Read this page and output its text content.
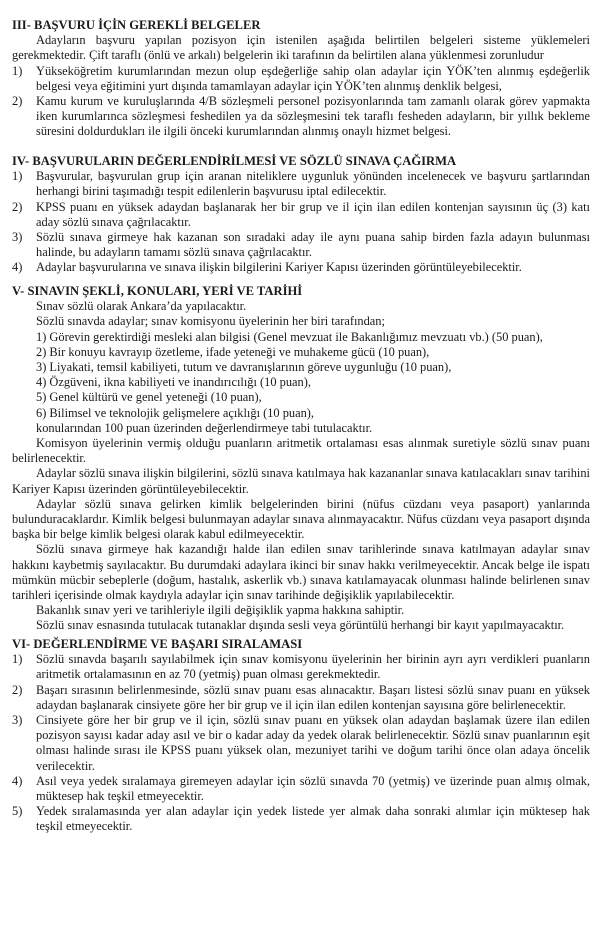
III- BAŞVURU İÇİN GEREKLİ BELGELER

Adayların başvuru yapılan pozisyon için istenilen aşağıda belirtilen belgeleri sisteme yüklemeleri gerekmektedir. Çift taraflı (önlü ve arkalı) belgelerin iki tarafının da belirtilen alana yüklenmesi zorunludur

1) Yükseköğretim kurumlarından mezun olup eşdeğerliğe sahip olan adaylar için YÖK’ten alınmış eşdeğerlik belgesi veya eğitimini yurt dışında tamamlayan adaylar için YÖK’ten alınmış denklik belgesi,
2) Kamu kurum ve kuruluşlarında 4/B sözleşmeli personel pozisyonlarında tam zamanlı olarak görev yapmakta iken kurumlarınca sözleşmesi feshedilen ya da sözleşmesini tek taraflı fesheden adayların, bir yıllık bekleme süresini doldurdukları ile ilgili önceki kurumlarından alınmış onaylı hizmet belgesi.

IV- BAŞVURULARIN DEĞERLENDİRİLMESİ VE SÖZLÜ SINAVA ÇAĞIRMA

1) Başvurular, başvurulan grup için aranan niteliklere uygunluk yönünden incelenecek ve başvuru şartlarından herhangi birini taşımadığı tespit edilenlerin başvurusu iptal edilecektir.
2) KPSS puanı en yüksek adaydan başlanarak her bir grup ve il için ilan edilen kontenjan sayısının üç (3) katı aday sözlü sınava çağrılacaktır.
3) Sözlü sınava girmeye hak kazanan son sıradaki aday ile aynı puana sahip birden fazla adayın bulunması halinde, bu adayların tamamı sözlü sınava çağrılacaktır.
4) Adaylar başvurularına ve sınava ilişkin bilgilerini Kariyer Kapısı üzerinden görüntüleyebilecektir.

V- SINAVIN ŞEKLİ, KONULARI, YERİ VE TARİHİ

Sınav sözlü olarak Ankara’da yapılacaktır.

Sözlü sınavda adaylar; sınav komisyonu üyelerinin her biri tarafından;

1) Görevin gerektirdiği mesleki alan bilgisi (Genel mevzuat ile Bakanlığımız mevzuatı vb.) (50 puan),

2) Bir konuyu kavrayıp özetleme, ifade yeteneği ve muhakeme gücü (10 puan),

3) Liyakati, temsil kabiliyeti, tutum ve davranışlarının göreve uygunluğu (10 puan),

4) Özgüveni, ikna kabiliyeti ve inandırıcılığı (10 puan),

5) Genel kültürü ve genel yeteneği (10 puan),

6) Bilimsel ve teknolojik gelişmelere açıklığı (10 puan),

konularından 100 puan üzerinden değerlendirmeye tabi tutulacaktır.

Komisyon üyelerinin vermiş olduğu puanların aritmetik ortalaması esas alınmak suretiyle sözlü sınav puanı belirlenecektir.

Adaylar sözlü sınava ilişkin bilgilerini, sözlü sınava katılmaya hak kazananlar sınava katılacakları sınav tarihini Kariyer Kapısı üzerinden görüntüleyebilecektir.

Adaylar sözlü sınava gelirken kimlik belgelerinden birini (nüfus cüzdanı veya pasaport) yanlarında bulunduracaklardır. Kimlik belgesi bulunmayan adaylar sınava alınmayacaktır. Nüfus cüzdanı veya pasaport dışında başka bir belge kimlik belgesi olarak kabul edilmeyecektir.

Sözlü sınava girmeye hak kazandığı halde ilan edilen sınav tarihlerinde sınava katılmayan adaylar sınav hakkını kaybetmiş sayılacaktır. Bu durumdaki adaylara ikinci bir sınav hakkı verilmeyecektir. Ancak belge ile ispatı mümkün mücbir sebeplerle (doğum, hastalık, askerlik vb.) sınava katılamayacak olunması halinde belirlenen sınav tarihleri içerisinde olmak kaydıyla adaylar için sınav tarihinde değişiklik yapılabilecektir.

Bakanlık sınav yeri ve tarihleriyle ilgili değişiklik yapma hakkına sahiptir.

Sözlü sınav esnasında tutulacak tutanaklar dışında sesli veya görüntülü herhangi bir kayıt yapılmayacaktır.

VI- DEĞERLENDİRME VE BAŞARI SIRALAMASI

1) Sözlü sınavda başarılı sayılabilmek için sınav komisyonu üyelerinin her birinin ayrı ayrı verdikleri puanların aritmetik ortalamasının en az 70 (yetmiş) puan olması gerekmektedir.
2) Başarı sırasının belirlenmesinde, sözlü sınav puanı esas alınacaktır. Başarı listesi sözlü sınav puanı en yüksek adaydan başlanarak cinsiyete göre her bir grup ve il için ilan edilen kontenjan sayısına göre belirlenecektir.
3) Cinsiyete göre her bir grup ve il için, sözlü sınav puanı en yüksek olan adaydan başlamak üzere ilan edilen pozisyon sayısı kadar aday asıl ve bir o kadar aday da yedek olarak belirlenecektir. Sözlü sınav puanlarının eşit olması halinde sırası ile KPSS puanı yüksek olan, mezuniyet tarihi ve doğum tarihi önce olan adaya öncelik verilecektir.
4) Asıl veya yedek sıralamaya giremeyen adaylar için sözlü sınavda 70 (yetmiş) ve üzerinde puan almış olmak, müktesep hak teşkil etmeyecektir.
5) Yedek sıralamasında yer alan adaylar için yedek listede yer almak daha sonraki alımlar için müktesep hak teşkil etmeyecektir.
